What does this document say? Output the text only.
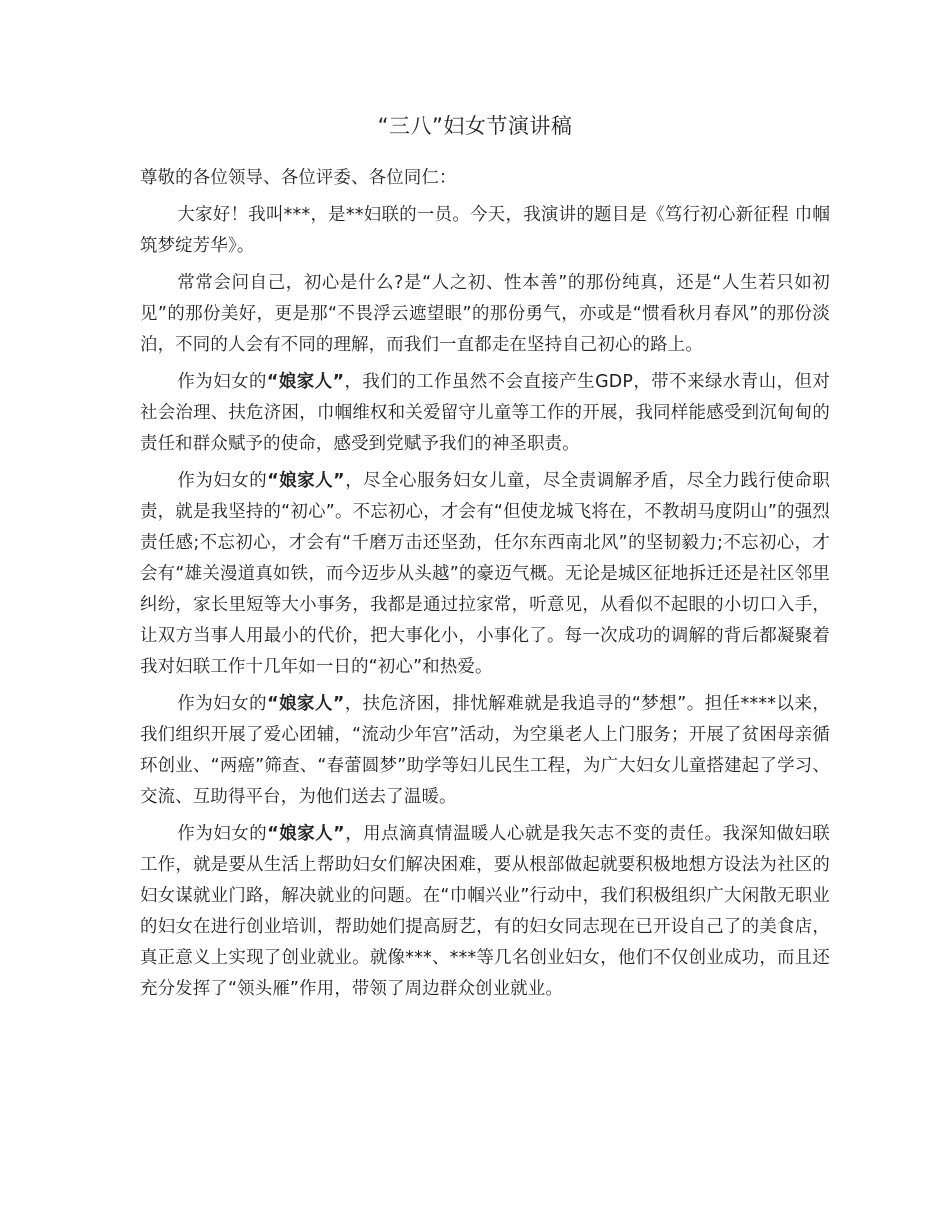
“三八”妇女节演讲稿

尊敬的各位领导、各位评委、各位同仁：

大家好！我叫***，是**妇联的一员。今天，我演讲的题目是《笃行初心新征程 巾帼筑梦绽芳华》。

常常会问自己，初心是什么?是“人之初、性本善”的那份纯真，还是“人生若只如初见”的那份美好，更是那“不畏浮云遮望眼”的那份勇气，亦或是“惯看秋月春风”的那份淡泊，不同的人会有不同的理解，而我们一直都走在坚持自己初心的路上。

作为妇女的“娘家人”，我们的工作虽然不会直接产生GDP，带不来绿水青山，但对社会治理、扶危济困，巾帼维权和关爱留守儿童等工作的开展，我同样能感受到沉甸甸的责任和群众赋予的使命，感受到党赋予我们的神圣职责。

作为妇女的“娘家人”，尽全心服务妇女儿童，尽全责调解矛盾，尽全力践行使命职责，就是我坚持的“初心”。不忘初心，才会有“但使龙城飞将在，不教胡马度阴山”的强烈责任感;不忘初心，才会有“千磨万击还坚劲，任尔东西南北风”的坚韧毅力;不忘初心，才会有“雄关漫道真如铁，而今迈步从头越”的豪迈气概。无论是城区征地拆迁还是社区邻里纠纷，家长里短等大小事务，我都是通过拉家常，听意见，从看似不起眼的小切口入手，让双方当事人用最小的代价，把大事化小，小事化了。每一次成功的调解的背后都凝聚着我对妇联工作十几年如一日的“初心”和热爱。

作为妇女的“娘家人”，扶危济困，排忧解难就是我追寻的“梦想”。担任****以来，我们组织开展了爱心团辅，“流动少年宫”活动，为空巢老人上门服务；开展了贫困母亲循环创业、“两癌”筛查、“春蕾圆梦”助学等妇儿民生工程，为广大妇女儿童搭建起了学习、交流、互助得平台，为他们送去了温暖。

作为妇女的“娘家人”，用点滴真情温暖人心就是我矢志不变的责任。我深知做妇联工作，就是要从生活上帮助妇女们解决困难，要从根部做起就要积极地想方设法为社区的妇女谋就业门路，解决就业的问题。在“巾帼兴业”行动中，我们积极组织广大闲散无职业的妇女在进行创业培训，帮助她们提高厨艺，有的妇女同志现在已开设自己了的美食店，真正意义上实现了创业就业。就像***、***等几名创业妇女，他们不仅创业成功，而且还充分发挥了“领头雁”作用，带领了周边群众创业就业。
